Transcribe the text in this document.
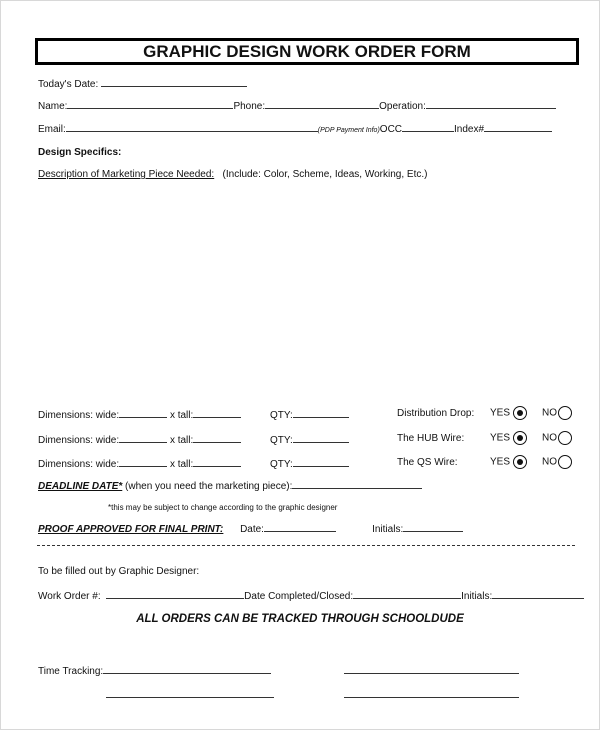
GRAPHIC DESIGN WORK ORDER FORM
Today's Date:
Name:	Phone:	Operation:
Email:	(PDP Payment Info)OCC	Index#
Design Specifics:
Description of Marketing Piece Needed: (Include: Color, Scheme, Ideas, Working, Etc.)
Dimensions: wide:	x tall:	QTY:	Distribution Drop: YES	NO
Dimensions: wide:	x tall:	QTY:	The HUB Wire:	YES	NO
Dimensions: wide:	x tall:	QTY:	The QS Wire:	YES	NO
DEADLINE DATE* (when you need the marketing piece):
*this may be subject to change according to the graphic designer
PROOF APPROVED FOR FINAL PRINT: Date:	Initials:
To be filled out by Graphic Designer:
Work Order #:	Date Completed/Closed:	Initials:
ALL ORDERS CAN BE TRACKED THROUGH SCHOOLDUDE
Time Tracking:
